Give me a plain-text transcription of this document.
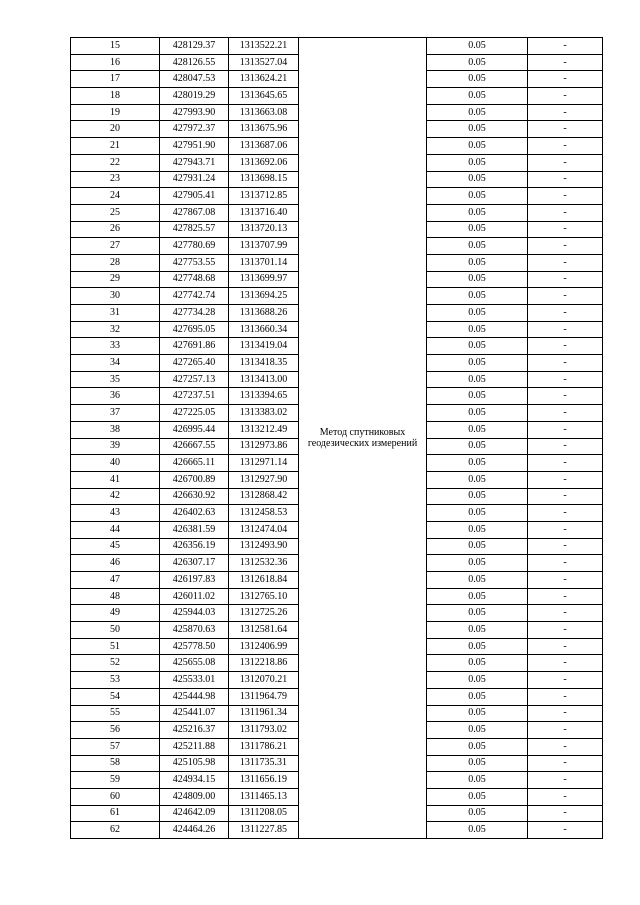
15	428129.37	1313522.21	Метод спутниковых геодезических измерений	0.05	-
16	428126.55	1313527.04		0.05	-
17	428047.53	1313624.21		0.05	-
18	428019.29	1313645.65		0.05	-
19	427993.90	1313663.08		0.05	-
20	427972.37	1313675.96		0.05	-
21	427951.90	1313687.06		0.05	-
22	427943.71	1313692.06		0.05	-
23	427931.24	1313698.15		0.05	-
24	427905.41	1313712.85		0.05	-
25	427867.08	1313716.40		0.05	-
26	427825.57	1313720.13		0.05	-
27	427780.69	1313707.99		0.05	-
28	427753.55	1313701.14		0.05	-
29	427748.68	1313699.97		0.05	-
30	427742.74	1313694.25		0.05	-
31	427734.28	1313688.26		0.05	-
32	427695.05	1313660.34		0.05	-
33	427691.86	1313419.04		0.05	-
34	427265.40	1313418.35		0.05	-
35	427257.13	1313413.00		0.05	-
36	427237.51	1313394.65		0.05	-
37	427225.05	1313383.02		0.05	-
38	426995.44	1313212.49		0.05	-
39	426667.55	1312973.86		0.05	-
40	426665.11	1312971.14		0.05	-
41	426700.89	1312927.90		0.05	-
42	426630.92	1312868.42		0.05	-
43	426402.63	1312458.53		0.05	-
44	426381.59	1312474.04		0.05	-
45	426356.19	1312493.90		0.05	-
46	426307.17	1312532.36		0.05	-
47	426197.83	1312618.84		0.05	-
48	426011.02	1312765.10		0.05	-
49	425944.03	1312725.26		0.05	-
50	425870.63	1312581.64		0.05	-
51	425778.50	1312406.99		0.05	-
52	425655.08	1312218.86		0.05	-
53	425533.01	1312070.21		0.05	-
54	425444.98	1311964.79		0.05	-
55	425441.07	1311961.34		0.05	-
56	425216.37	1311793.02		0.05	-
57	425211.88	1311786.21		0.05	-
58	425105.98	1311735.31		0.05	-
59	424934.15	1311656.19		0.05	-
60	424809.00	1311465.13		0.05	-
61	424642.09	1311208.05		0.05	-
62	424464.26	1311227.85		0.05	-
